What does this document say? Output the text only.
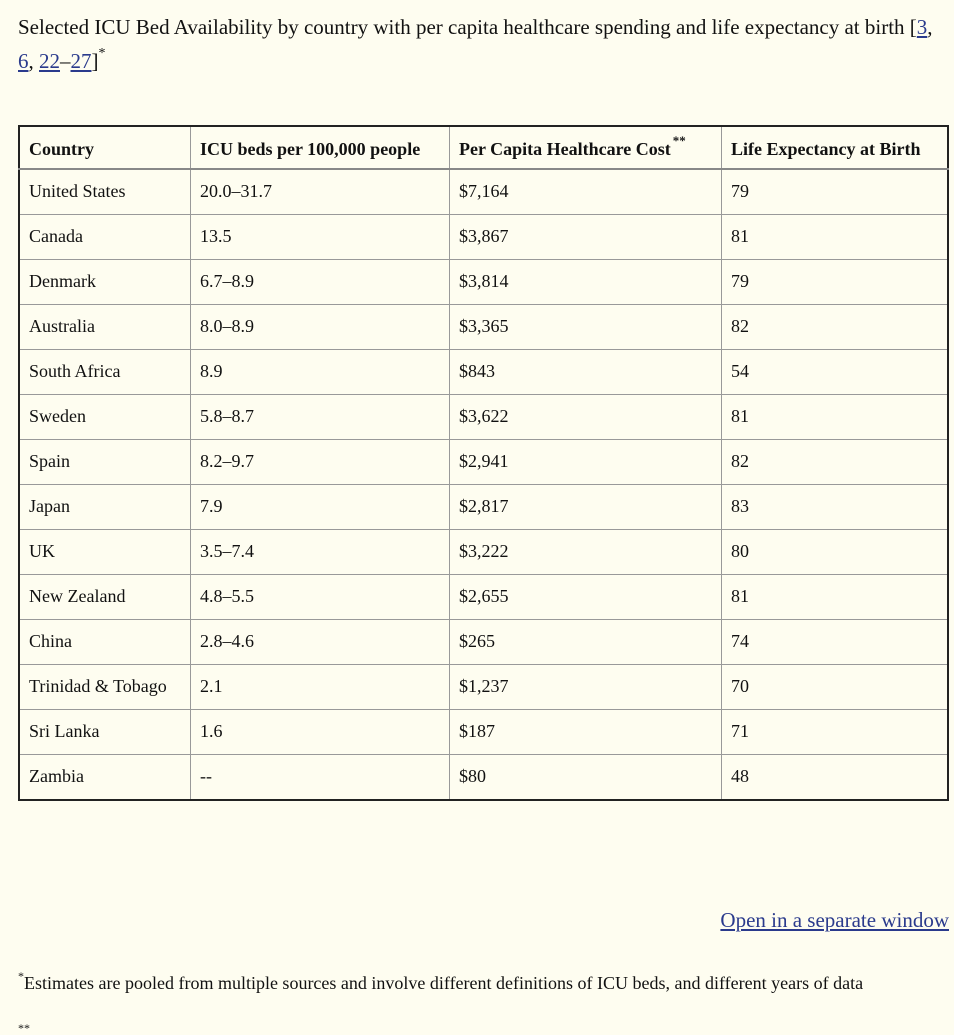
Selected ICU Bed Availability by country with per capita healthcare spending and life expectancy at birth [3, 6, 22–27]*
Country	ICU beds per 100,000 people	Per Capita Healthcare Cost **	Life Expectancy at Birth
United States	20.0–31.7	$7,164	79
Canada	13.5	$3,867	81
Denmark	6.7–8.9	$3,814	79
Australia	8.0–8.9	$3,365	82
South Africa	8.9	$843	54
Sweden	5.8–8.7	$3,622	81
Spain	8.2–9.7	$2,941	82
Japan	7.9	$2,817	83
UK	3.5–7.4	$3,222	80
New Zealand	4.8–5.5	$2,655	81
China	2.8–4.6	$265	74
Trinidad & Tobago	2.1	$1,237	70
Sri Lanka	1.6	$187	71
Zambia	--	$80	48
Open in a separate window
*Estimates are pooled from multiple sources and involve different definitions of ICU beds, and different years of data
**
